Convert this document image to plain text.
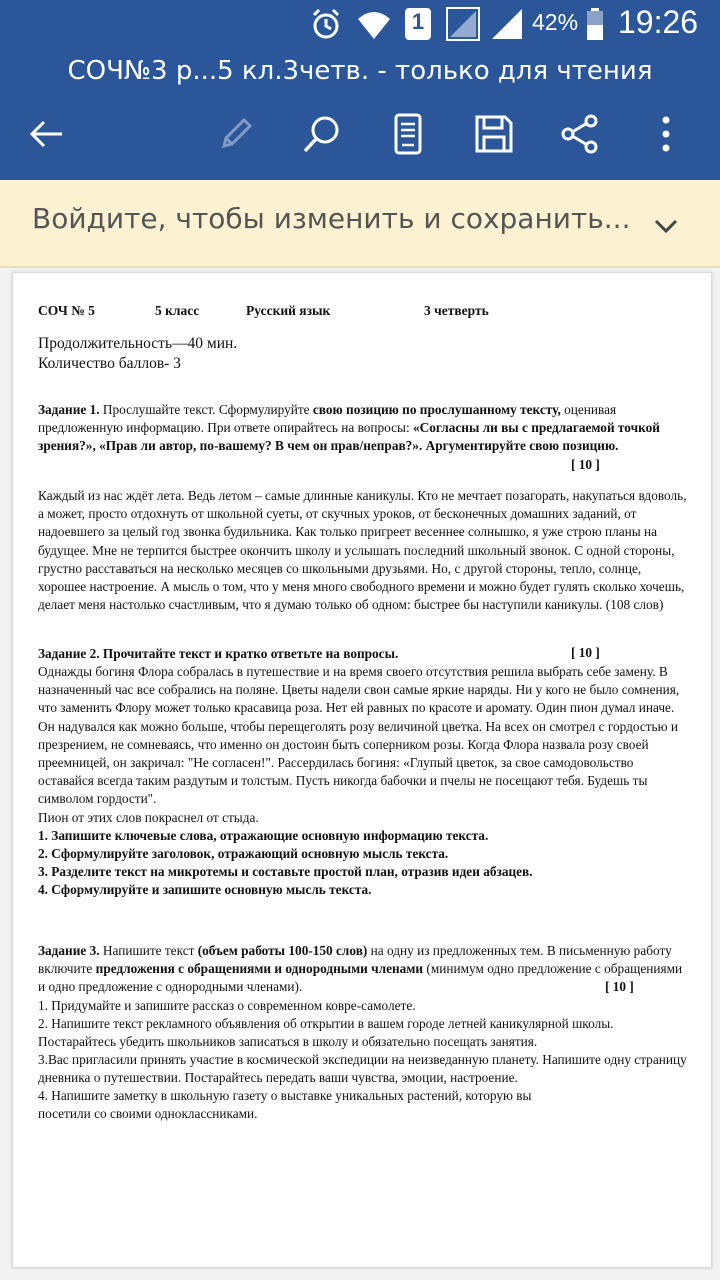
1	42% 19:26
СОЧ№3 р...5 кл.3четв. - только для чтения
Войдите, чтобы изменить и сохранить...
СОЧ № 5	5 класс	Русский язык	3 четверть
Продолжительность—40 мин.
Количество баллов- 3
Задание 1. Прослушайте текст. Сформулируйте свою позицию по прослушанному тексту, оценивая предложенную информацию. При ответе опирайтесь на вопросы: «Согласны ли вы с предлагаемой точкой зрения?», «Прав ли автор, по-вашему? В чем он прав/неправ?». Аргументируйте свою позицию.
[ 10 ]
Каждый из нас ждёт лета. Ведь летом – самые длинные каникулы. Кто не мечтает позагорать, накупаться вдоволь, а может, просто отдохнуть от школьной суеты, от скучных уроков, от бесконечных домашних заданий, от надоевшего за целый год звонка будильника. Как только пригреет весеннее солнышко, я уже строю планы на будущее. Мне не терпится быстрее окончить школу и услышать последний школьный звонок. С одной стороны, грустно расставаться на несколько месяцев со школьными друзьями. Но, с другой стороны, тепло, солнце, хорошее настроение. А мысль о том, что у меня много свободного времени и можно будет гулять сколько хочешь, делает меня настолько счастливым, что я думаю только об одном: быстрее бы наступили каникулы. (108 слов)
Задание 2. Прочитайте текст и кратко ответьте на вопросы.	[ 10 ]
Однажды богиня Флора собралась в путешествие и на время своего отсутствия решила выбрать себе замену. В назначенный час все собрались на поляне. Цветы надели свои самые яркие наряды. Ни у кого не было сомнения, что заменить Флору может только красавица роза. Нет ей равных по красоте и аромату. Один пион думал иначе. Он надувался как можно больше, чтобы перещеголять розу величиной цветка. На всех он смотрел с гордостью и презрением, не сомневаясь, что именно он достоин быть соперником розы. Когда Флора назвала розу своей преемницей, он закричал: "Не согласен!". Рассердилась богиня: «Глупый цветок, за свое самодовольство оставайся всегда таким раздутым и толстым. Пусть никогда бабочки и пчелы не посещают тебя. Будешь ты символом гордости".
Пион от этих слов покраснел от стыда.
1. Запишите ключевые слова, отражающие основную информацию текста.
2. Сформулируйте заголовок, отражающий основную мысль текста.
3. Разделите текст на микротемы и составьте простой план, отразив идеи абзацев.
4. Сформулируйте и запишите основную мысль текста.
Задание 3. Напишите текст (объем работы 100-150 слов) на одну из предложенных тем. В письменную работу включите предложения с обращениями и однородными членами (минимум одно предложение с обращениями и одно предложение с однородными членами).	[ 10 ]
1. Придумайте и запишите рассказ о современном ковре-самолете.
2. Напишите текст рекламного объявления об открытии в вашем городе летней каникулярной школы. Постарайтесь убедить школьников записаться в школу и обязательно посещать занятия.
3.Вас пригласили принять участие в космической экспедиции на неизведанную планету. Напишите одну страницу дневника о путешествии. Постарайтесь передать ваши чувства, эмоции, настроение.
4. Напишите заметку в школьную газету о выставке уникальных растений, которую вы посетили со своими одноклассниками.
